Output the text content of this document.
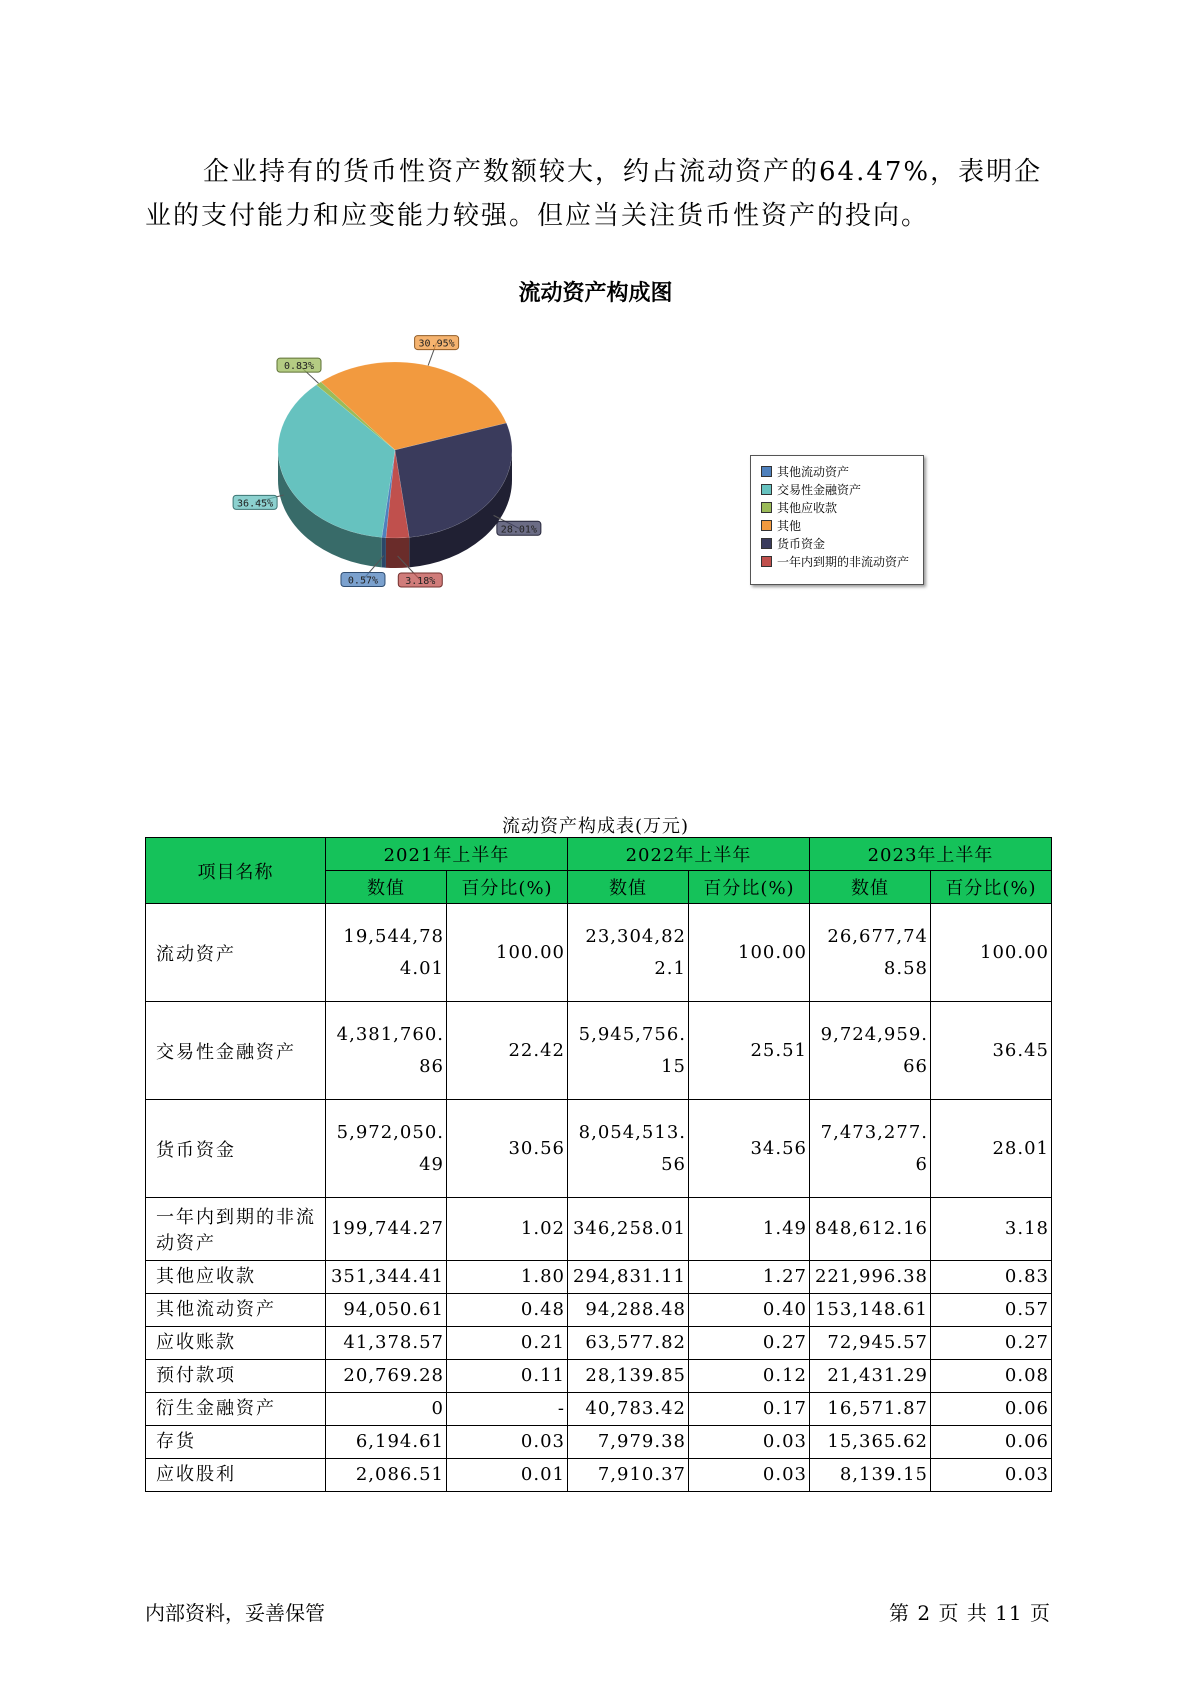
企业持有的货币性资产数额较大，约占流动资产的64.47%，表明企业的支付能力和应变能力较强。但应当关注货币性资产的投向。

流动资产构成图
3.18%
0.57%
36.45%
0.83%
30.95%
28.01%
其他流动资产
交易性金融资产
其他应收款
其他
货币资金
一年内到期的非流动资产
流动资产构成表(万元)
项目名称	2021年上半年		2022年上半年		2023年上半年	
	数值	百分比(%)	数值	百分比(%)	数值	百分比(%)
流动资产	19,544,784.01	100.00	23,304,822.1	100.00	26,677,748.58	100.00
交易性金融资产	4,381,760.86	22.42	5,945,756.15	25.51	9,724,959.66	36.45
货币资金	5,972,050.49	30.56	8,054,513.56	34.56	7,473,277.6	28.01
一年内到期的非流动资产	199,744.27	1.02	346,258.01	1.49	848,612.16	3.18
其他应收款	351,344.41	1.80	294,831.11	1.27	221,996.38	0.83
其他流动资产	94,050.61	0.48	94,288.48	0.40	153,148.61	0.57
应收账款	41,378.57	0.21	63,577.82	0.27	72,945.57	0.27
预付款项	20,769.28	0.11	28,139.85	0.12	21,431.29	0.08
衍生金融资产	0	-	40,783.42	0.17	16,571.87	0.06
存货	6,194.61	0.03	7,979.38	0.03	15,365.62	0.06
应收股利	2,086.51	0.01	7,910.37	0.03	8,139.15	0.03
内部资料，妥善保管	第 2 页 共 11 页
